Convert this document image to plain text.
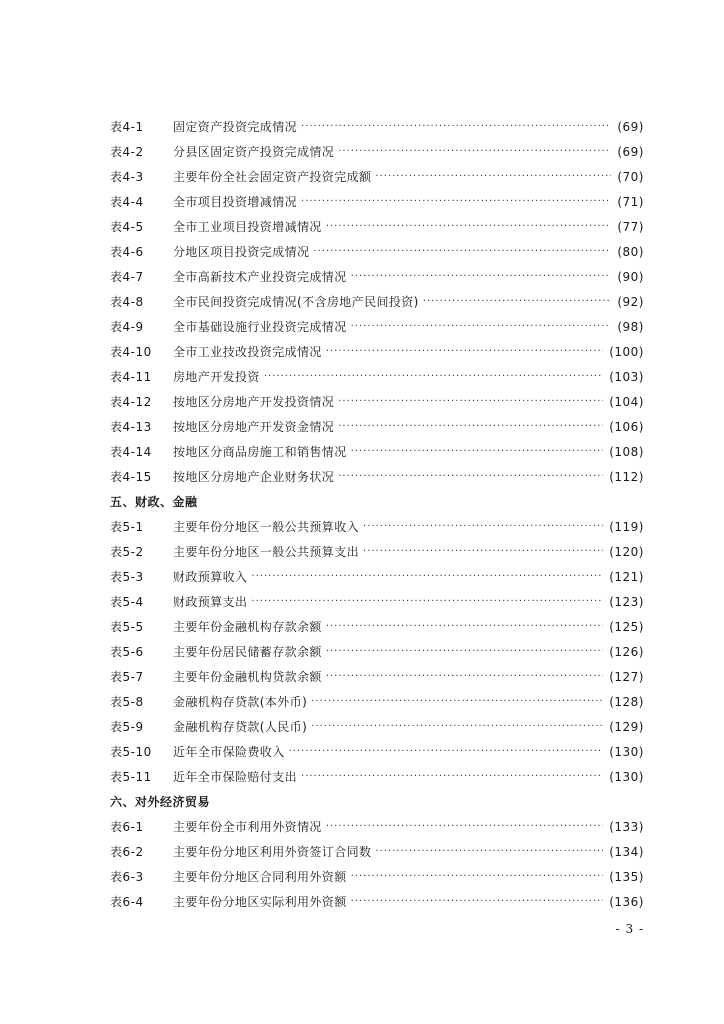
表4-1	固定资产投资完成情况 ·····	(69)
表4-2	分县区固定资产投资完成情况 ·····	(69)
表4-3	主要年份全社会固定资产投资完成额 ·····	(70)
表4-4	全市项目投资增减情况 ·····	(71)
表4-5	全市工业项目投资增减情况 ·····	(77)
表4-6	分地区项目投资完成情况 ·····	(80)
表4-7	全市高新技术产业投资完成情况 ·····	(90)
表4-8	全市民间投资完成情况(不含房地产民间投资) ·····	(92)
表4-9	全市基础设施行业投资完成情况 ·····	(98)
表4-10	全市工业技改投资完成情况 ·····	(100)
表4-11	房地产开发投资 ·····	(103)
表4-12	按地区分房地产开发投资情况 ·····	(104)
表4-13	按地区分房地产开发资金情况 ·····	(106)
表4-14	按地区分商品房施工和销售情况 ·····	(108)
表4-15	按地区分房地产企业财务状况 ·····	(112)
五、财政、金融
表5-1	主要年份分地区一般公共预算收入 ·····	(119)
表5-2	主要年份分地区一般公共预算支出 ·····	(120)
表5-3	财政预算收入 ·····	(121)
表5-4	财政预算支出 ·····	(123)
表5-5	主要年份金融机构存款余额 ·····	(125)
表5-6	主要年份居民储蓄存款余额 ·····	(126)
表5-7	主要年份金融机构贷款余额 ·····	(127)
表5-8	金融机构存贷款(本外币) ·····	(128)
表5-9	金融机构存贷款(人民币) ·····	(129)
表5-10	近年全市保险费收入 ·····	(130)
表5-11	近年全市保险赔付支出 ·····	(130)
六、对外经济贸易
表6-1	主要年份全市利用外资情况 ·····	(133)
表6-2	主要年份分地区利用外资签订合同数 ·····	(134)
表6-3	主要年份分地区合同利用外资额 ·····	(135)
表6-4	主要年份分地区实际利用外资额 ·····	(136)
- 3 -
